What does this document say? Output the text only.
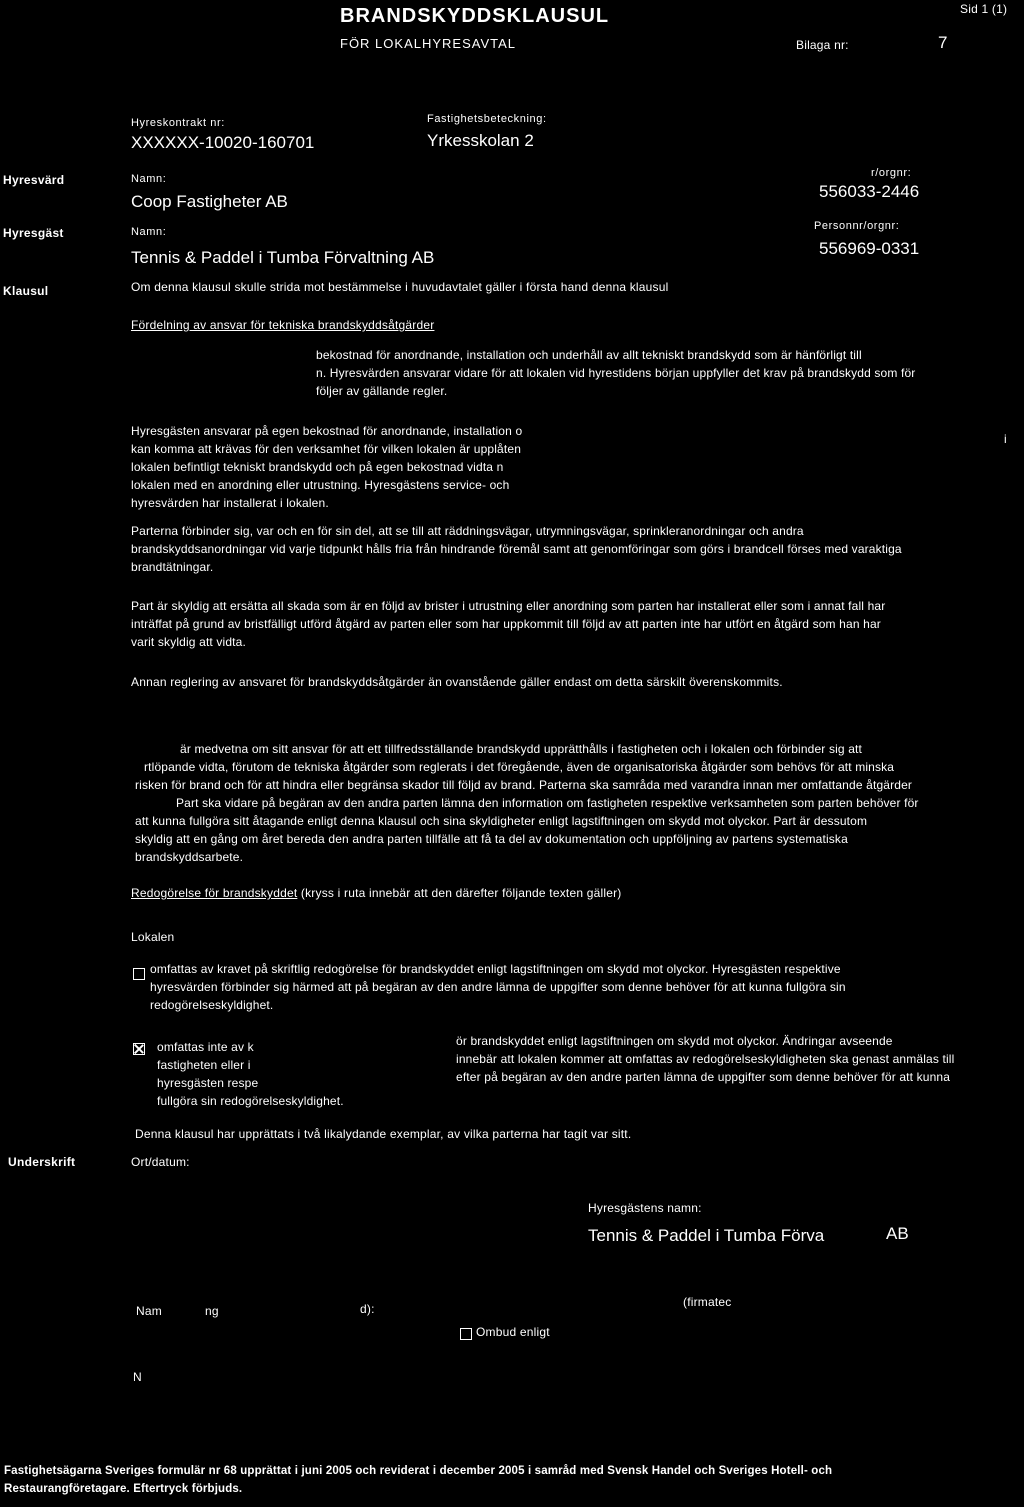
BRANDSKYDDSKLAUSUL
FÖR LOKALHYRESAVTAL
Sid 1 (1)
Bilaga nr:	7
Hyreskontrakt nr:
XXXXXX-10020-160701
Fastighetsbeteckning:
Yrkesskolan 2
Hyresvärd	Namn:
Coop Fastigheter AB
r/orgnr:
556033-2446
Hyresgäst	Namn:
Tennis & Paddel i Tumba Förvaltning AB
Personnr/orgnr:
556969-0331
Klausul	Om denna klausul skulle strida mot bestämmelse i huvudavtalet gäller i första hand denna klausul
Fördelning av ansvar för tekniska brandskyddsåtgärder
bekostnad för anordnande, installation och underhåll av allt tekniskt brandskydd som är hänförligt till
n. Hyresvärden ansvarar vidare för att lokalen vid hyrestidens början uppfyller det krav på brandskydd som för
följer av gällande regler.
Hyresgästen ansvarar på egen bekostnad för anordnande, installation o
kan komma att krävas för den verksamhet för vilken lokalen är upplåten
lokalen befintligt tekniskt brandskydd och på egen bekostnad vidta n
lokalen med en anordning eller utrustning. Hyresgästens service- och
hyresvärden har installerat i lokalen.
i
Parterna förbinder sig, var och en för sin del, att se till att räddningsvägar, utrymningsvägar, sprinkleranordningar och andra
brandskyddsanordningar vid varje tidpunkt hålls fria från hindrande föremål samt att genomföringar som görs i brandcell förses med varaktiga
brandtätningar.
Part är skyldig att ersätta all skada som är en följd av brister i utrustning eller anordning som parten har installerat eller som i annat fall har
inträffat på grund av bristfälligt utförd åtgärd av parten eller som har uppkommit till följd av att parten inte har utfört en åtgärd som han har
varit skyldig att vidta.
Annan reglering av ansvaret för brandskyddsåtgärder än ovanstående gäller endast om detta särskilt överenskommits.
är medvetna om sitt ansvar för att ett tillfredsställande brandskydd upprätthålls i fastigheten och i lokalen och förbinder sig att
rtlöpande vidta, förutom de tekniska åtgärder som reglerats i det föregående, även de organisatoriska åtgärder som behövs för att minska
risken för brand och för att hindra eller begränsa skador till följd av brand. Parterna ska samråda med varandra innan mer omfattande åtgärder
Part ska vidare på begäran av den andra parten lämna den information om fastigheten respektive verksamheten som parten behöver för
att kunna fullgöra sitt åtagande enligt denna klausul och sina skyldigheter enligt lagstiftningen om skydd mot olyckor. Part är dessutom
skyldig att en gång om året bereda den andra parten tillfälle att få ta del av dokumentation och uppföljning av partens systematiska
brandskyddsarbete.
Redogörelse för brandskyddet (kryss i ruta innebär att den därefter följande texten gäller)
Lokalen
omfattas av kravet på skriftlig redogörelse för brandskyddet enligt lagstiftningen om skydd mot olyckor. Hyresgästen respektive
hyresvärden förbinder sig härmed att på begäran av den andre lämna de uppgifter som denne behöver för att kunna fullgöra sin
redogörelseskyldighet.
omfattas inte av k
fastigheten eller i
hyresgästen respe
fullgöra sin redogörelseskyldighet.
ör brandskyddet enligt lagstiftningen om skydd mot olyckor. Ändringar avseende
innebär att lokalen kommer att omfattas av redogörelseskyldigheten ska genast anmälas till
efter på begäran av den andre parten lämna de uppgifter som denne behöver för att kunna
Denna klausul har upprättats i två likalydande exemplar, av vilka parterna har tagit var sitt.
Underskrift	Ort/datum:
Hyresgästens namn:
Tennis & Paddel i Tumba Förva	AB
Nam	ng	d):	(firmatec
Ombud enligt
N
Fastighetsägarna Sveriges formulär nr 68 upprättat i juni 2005 och reviderat i december 2005 i samråd med Svensk Handel och Sveriges Hotell- och
Restaurangföretagare. Eftertryck förbjuds.
